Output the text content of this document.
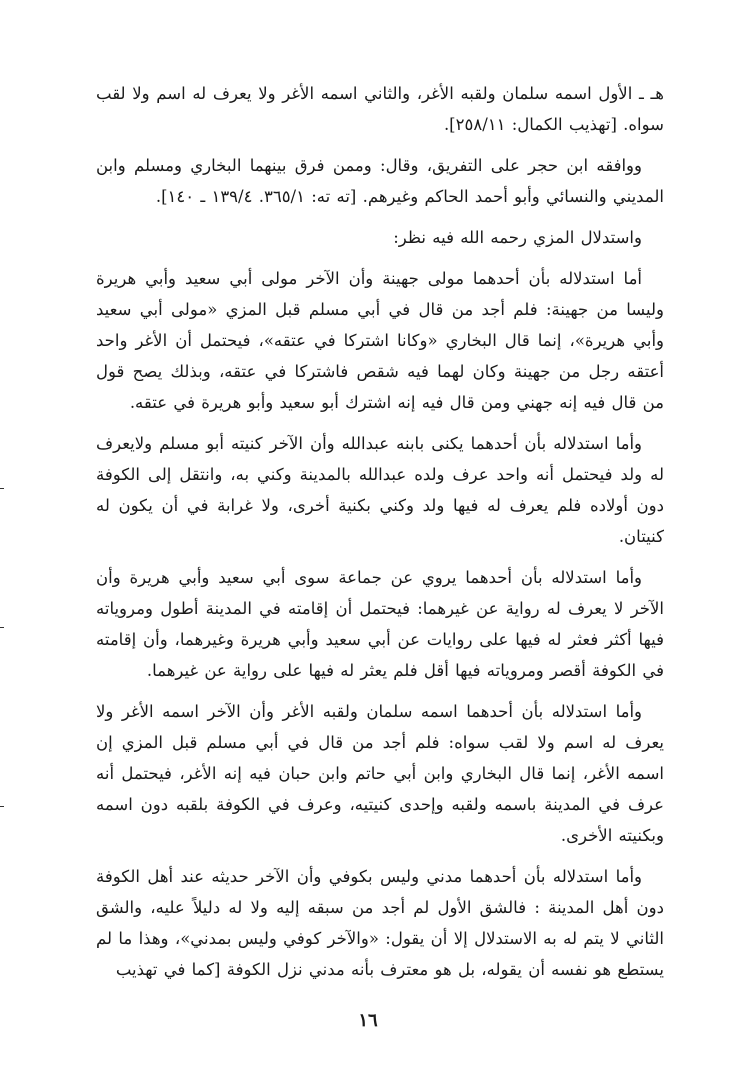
هـ ـ الأول اسمه سلمان ولقبه الأغر، والثاني اسمه الأغر ولا يعرف له اسم ولا لقب سواه. [تهذيب الكمال: ٢٥٨/١١].

ووافقه ابن حجر على التفريق، وقال: وممن فرق بينهما البخاري ومسلم وابن المديني والنسائي وأبو أحمد الحاكم وغيرهم. [ته ته: ٣٦٥/١. ١٣٩/٤ ـ ١٤٠].

واستدلال المزي رحمه الله فيه نظر:

أما استدلاله بأن أحدهما مولى جهينة وأن الآخر مولى أبي سعيد وأبي هريرة وليسا من جهينة: فلم أجد من قال في أبي مسلم قبل المزي «مولى أبي سعيد وأبي هريرة»، إنما قال البخاري «وكانا اشتركا في عتقه»، فيحتمل أن الأغر واحد أعتقه رجل من جهينة وكان لهما فيه شقص فاشتركا في عتقه، وبذلك يصح قول من قال فيه إنه جهني ومن قال فيه إنه اشترك أبو سعيد وأبو هريرة في عتقه.

وأما استدلاله بأن أحدهما يكنى بابنه عبدالله وأن الآخر كنيته أبو مسلم ولايعرف له ولد فيحتمل أنه واحد عرف ولده عبدالله بالمدينة وكني به، وانتقل إلى الكوفة دون أولاده فلم يعرف له فيها ولد وكني بكنية أخرى، ولا غرابة في أن يكون له كنيتان.

وأما استدلاله بأن أحدهما يروي عن جماعة سوى أبي سعيد وأبي هريرة وأن الآخر لا يعرف له رواية عن غيرهما: فيحتمل أن إقامته في المدينة أطول ومروياته فيها أكثر فعثر له فيها على روايات عن أبي سعيد وأبي هريرة وغيرهما، وأن إقامته في الكوفة أقصر ومروياته فيها أقل فلم يعثر له فيها على رواية عن غيرهما.

وأما استدلاله بأن أحدهما اسمه سلمان ولقبه الأغر وأن الآخر اسمه الأغر ولا يعرف له اسم ولا لقب سواه: فلم أجد من قال في أبي مسلم قبل المزي إن اسمه الأغر، إنما قال البخاري وابن أبي حاتم وابن حبان فيه إنه الأغر، فيحتمل أنه عرف في المدينة باسمه ولقبه وإحدى كنيتيه، وعرف في الكوفة بلقبه دون اسمه وبكنيته الأخرى.

وأما استدلاله بأن أحدهما مدني وليس بكوفي وأن الآخر حديثه عند أهل الكوفة دون أهل المدينة : فالشق الأول لم أجد من سبقه إليه ولا له دليلاً عليه، والشق الثاني لا يتم له به الاستدلال إلا أن يقول: «والآخر كوفي وليس بمدني»، وهذا ما لم يستطع هو نفسه أن يقوله، بل هو معترف بأنه مدني نزل الكوفة [كما في تهذيب

١٦
